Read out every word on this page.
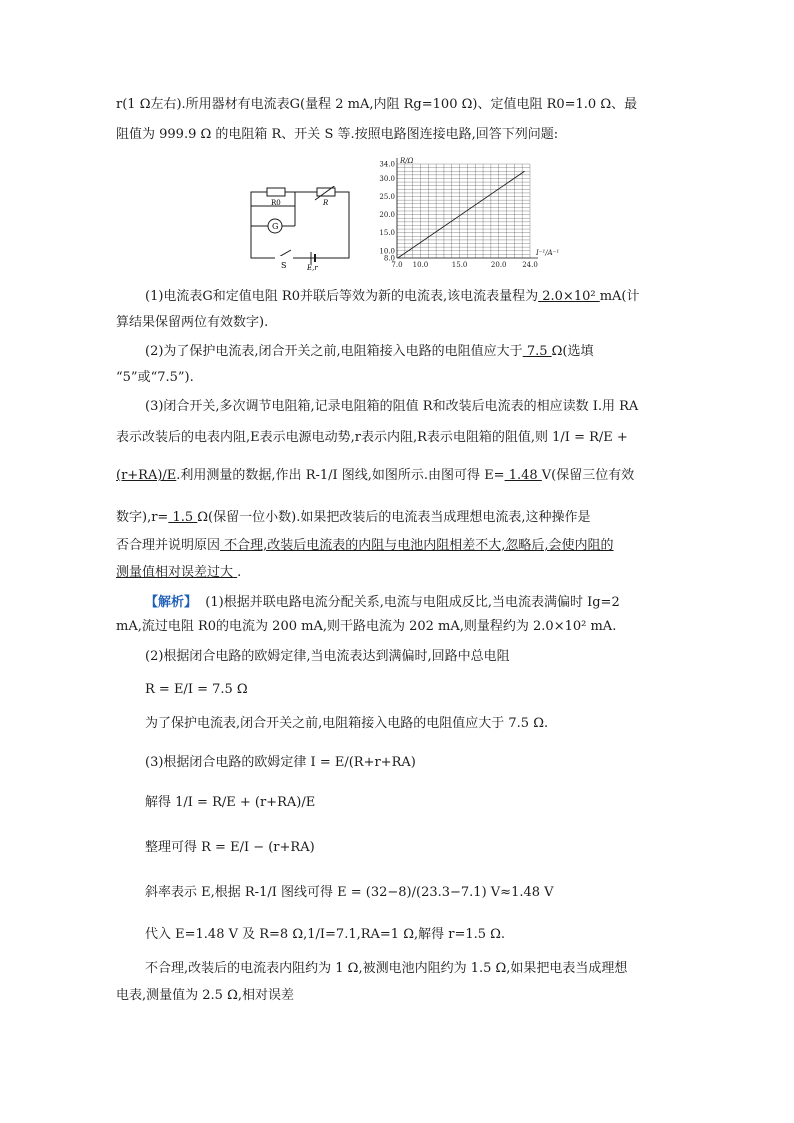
r(1 Ω左右).所用器材有电流表G(量程 2 mA,内阻 Rg=100 Ω)、定值电阻 R0=1.0 Ω、最
阻值为 999.9 Ω 的电阻箱 R、开关 S 等.按照电路图连接电路,回答下列问题:
R0	R
G
S	E,r	7.0 10.0	15.0	20.0 24.0
8.0
10.0
15.0
20.0
25.0
30.0
34.0
I⁻¹/A⁻¹
R/Ω
(1)电流表G和定值电阻 R0并联后等效为新的电流表,该电流表量程为 2.0×10² mA(计
算结果保留两位有效数字).
(2)为了保护电流表,闭合开关之前,电阻箱接入电路的电阻值应大于 7.5 Ω(选填
“5”或“7.5”).
(3)闭合开关,多次调节电阻箱,记录电阻箱的阻值 R和改装后电流表的相应读数 I.用 RA
表示改装后的电表内阻,E表示电源电动势,r表示内阻,R表示电阻箱的阻值,则 1/I = R/E +
(r+RA)/E.利用测量的数据,作出 R-1/I 图线,如图所示.由图可得 E= 1.48 V(保留三位有效
数字),r= 1.5 Ω(保留一位小数).如果把改装后的电流表当成理想电流表,这种操作是
否合理并说明原因 不合理,改装后电流表的内阻与电池内阻相差不大,忽略后,会使内阻的
测量值相对误差过大 .
【解析】 (1)根据并联电路电流分配关系,电流与电阻成反比,当电流表满偏时 Ig=2
mA,流过电阻 R0的电流为 200 mA,则干路电流为 202 mA,则量程约为 2.0×10² mA.
(2)根据闭合电路的欧姆定律,当电流表达到满偏时,回路中总电阻
R = E/I = 7.5 Ω
为了保护电流表,闭合开关之前,电阻箱接入电路的电阻值应大于 7.5 Ω.
(3)根据闭合电路的欧姆定律 I = E/(R+r+RA)
解得 1/I = R/E + (r+RA)/E
整理可得 R = E/I − (r+RA)
斜率表示 E,根据 R-1/I 图线可得 E = (32−8)/(23.3−7.1) V≈1.48 V
代入 E=1.48 V 及 R=8 Ω,1/I=7.1,RA=1 Ω,解得 r=1.5 Ω.
不合理,改装后的电流表内阻约为 1 Ω,被测电池内阻约为 1.5 Ω,如果把电表当成理想
电表,测量值为 2.5 Ω,相对误差
